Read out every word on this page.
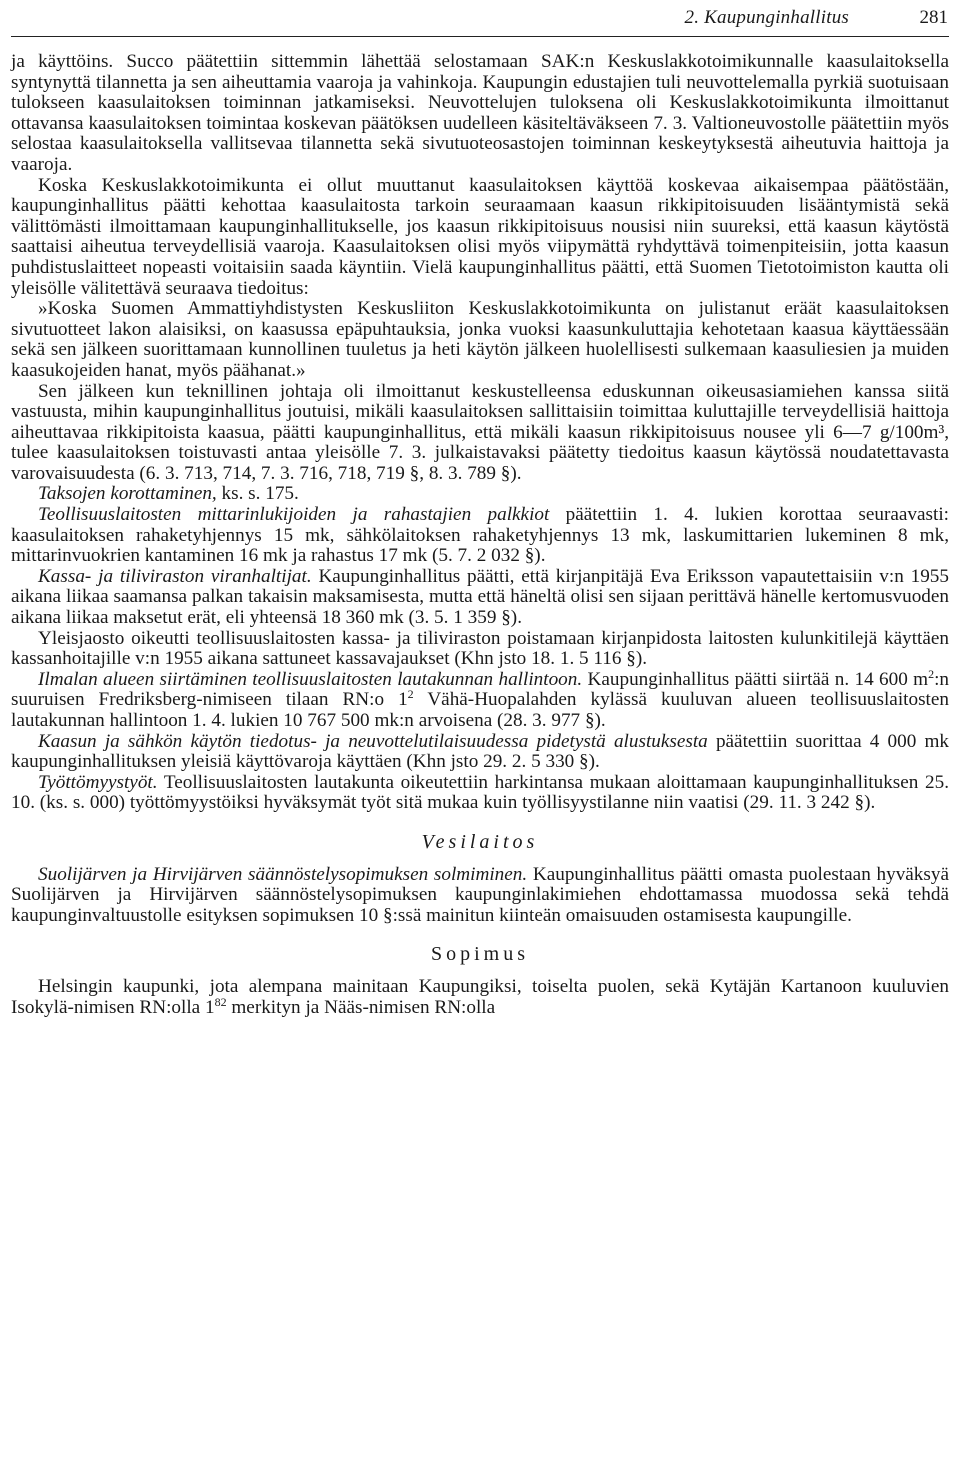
2. Kaupunginhallitus	281

ja käyttöins. Succo päätettiin sittemmin lähettää selostamaan SAK:n Keskuslakkotoimikunnalle kaasulaitoksella syntynyttä tilannetta ja sen aiheuttamia vaaroja ja vahinkoja. Kaupungin edustajien tuli neuvottelemalla pyrkiä suotuisaan tulokseen kaasulaitoksen toiminnan jatkamiseksi. Neuvottelujen tuloksena oli Keskuslakkotoimikunta ilmoittanut ottavansa kaasulaitoksen toimintaa koskevan päätöksen uudelleen käsiteltäväkseen 7. 3. Valtioneuvostolle päätettiin myös selostaa kaasulaitoksella vallitsevaa tilannetta sekä sivutuoteosastojen toiminnan keskeytyksestä aiheutuvia haittoja ja vaaroja.

Koska Keskuslakkotoimikunta ei ollut muuttanut kaasulaitoksen käyttöä koskevaa aikaisempaa päätöstään, kaupunginhallitus päätti kehottaa kaasulaitosta tarkoin seuraamaan kaasun rikkipitoisuuden lisääntymistä sekä välittömästi ilmoittamaan kaupunginhallitukselle, jos kaasun rikkipitoisuus nousisi niin suureksi, että kaasun käytöstä saattaisi aiheutua terveydellisiä vaaroja. Kaasulaitoksen olisi myös viipymättä ryhdyttävä toimenpiteisiin, jotta kaasun puhdistuslaitteet nopeasti voitaisiin saada käyntiin. Vielä kaupunginhallitus päätti, että Suomen Tietotoimiston kautta oli yleisölle välitettävä seuraava tiedoitus:

»Koska Suomen Ammattiyhdistysten Keskusliiton Keskuslakkotoimikunta on julistanut eräät kaasulaitoksen sivutuotteet lakon alaisiksi, on kaasussa epäpuhtauksia, jonka vuoksi kaasunkuluttajia kehotetaan kaasua käyttäessään sekä sen jälkeen suorittamaan kunnollinen tuuletus ja heti käytön jälkeen huolellisesti sulkemaan kaasuliesien ja muiden kaasukojeiden hanat, myös päähanat.»

Sen jälkeen kun teknillinen johtaja oli ilmoittanut keskustelleensa eduskunnan oikeusasiamiehen kanssa siitä vastuusta, mihin kaupunginhallitus joutuisi, mikäli kaasulaitoksen sallittaisiin toimittaa kuluttajille terveydellisiä haittoja aiheuttavaa rikkipitoista kaasua, päätti kaupunginhallitus, että mikäli kaasun rikkipitoisuus nousee yli 6—7 g/100m³, tulee kaasulaitoksen toistuvasti antaa yleisölle 7. 3. julkaistavaksi päätetty tiedoitus kaasun käytössä noudatettavasta varovaisuudesta (6. 3. 713, 714, 7. 3. 716, 718, 719 §, 8. 3. 789 §).

Taksojen korottaminen, ks. s. 175.

Teollisuuslaitosten mittarinlukijoiden ja rahastajien palkkiot päätettiin 1. 4. lukien korottaa seuraavasti: kaasulaitoksen rahaketyhjennys 15 mk, sähkölaitoksen rahaketyhjennys 13 mk, laskumittarien lukeminen 8 mk, mittarinvuokrien kantaminen 16 mk ja rahastus 17 mk (5. 7. 2 032 §).

Kassa- ja tiliviraston viranhaltijat. Kaupunginhallitus päätti, että kirjanpitäjä Eva Eriksson vapautettaisiin v:n 1955 aikana liikaa saamansa palkan takaisin maksamisesta, mutta että häneltä olisi sen sijaan perittävä hänelle kertomusvuoden aikana liikaa maksetut erät, eli yhteensä 18 360 mk (3. 5. 1 359 §).

Yleisjaosto oikeutti teollisuuslaitosten kassa- ja tiliviraston poistamaan kirjanpidosta laitosten kulunkitilejä käyttäen kassanhoitajille v:n 1955 aikana sattuneet kassavajaukset (Khn jsto 18. 1. 5 116 §).

Ilmalan alueen siirtäminen teollisuuslaitosten lautakunnan hallintoon. Kaupunginhallitus päätti siirtää n. 14 600 $m^2:n$ suuruisen Fredriksberg-nimiseen tilaan RN:o $1^2$ Vähä-Huopalahden kylässä kuuluvan alueen teollisuuslaitosten lautakunnan hallintoon 1. 4. lukien 10 767 500 mk:n arvoisena (28. 3. 977 §).

Kaasun ja sähkön käytön tiedotus- ja neuvottelutilaisuudessa pidetystä alustuksesta päätettiin suorittaa 4 000 mk kaupunginhallituksen yleisiä käyttövaroja käyttäen (Khn jsto 29. 2. 5 330 §).

Työttömyystyöt. Teollisuuslaitosten lautakunta oikeutettiin harkintansa mukaan aloittamaan kaupunginhallituksen 25. 10. (ks. s. 000) työttömyystöiksi hyväksymät työt sitä mukaa kuin työllisyystilanne niin vaatisi (29. 11. 3 242 §).

Vesilaitos

Suolijärven ja Hirvijärven säännöstelysopimuksen solmiminen. Kaupunginhallitus päätti omasta puolestaan hyväksyä Suolijärven ja Hirvijärven säännöstelysopimuksen kaupunginlakimiehen ehdottamassa muodossa sekä tehdä kaupunginvaltuustolle esityksen sopimuksen 10 §:ssä mainitun kiinteän omaisuuden ostamisesta kaupungille.

Sopimus

Helsingin kaupunki, jota alempana mainitaan Kaupungiksi, toiselta puolen, sekä Kytäjän Kartanoon kuuluvien Isokylä-nimisen RN:olla $1^{82}$ merkityn ja Nääs-nimisen RN:olla
